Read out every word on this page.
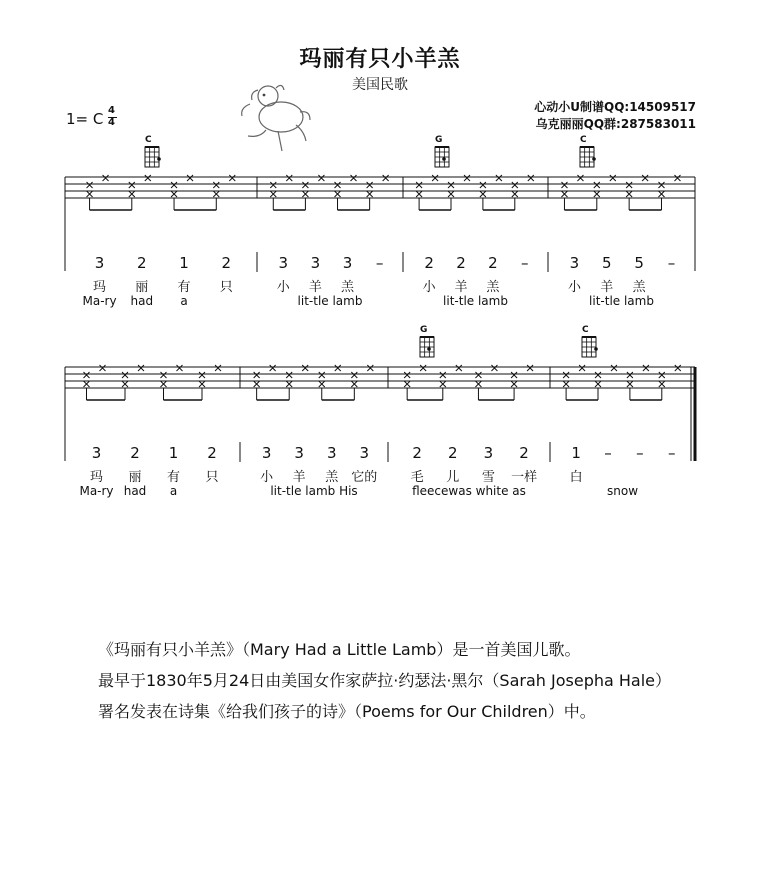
玛丽有只小羊羔
美国民歌
心动小U制谱QQ:14509517
乌克丽丽QQ群:287583011
1= C 4
4
3 2 1 2
玛 丽 有 只
Ma-ry had a
3 3 3 –
小 羊 羔
lit-tle lamb
2 2 2 –
小 羊 羔
lit-tle lamb
3 5 5 –
小 羊 羔
lit-tle lamb
3 2 1 2
玛 丽 有 只
Ma-ry had a
3 3 3 3
小 羊 羔 它的
lit-tle lamb His
2 2 3 2
毛 儿 雪 一样
fleecewas white as
1 – – –
白
snow
C	G	C
G	C
《玛丽有只小羊羔》（Mary Had a Little Lamb）是一首美国儿歌。
最早于1830年5月24日由美国女作家萨拉·约瑟法·黑尔（Sarah Josepha Hale）
署名发表在诗集《给我们孩子的诗》（Poems for Our Children）中。
